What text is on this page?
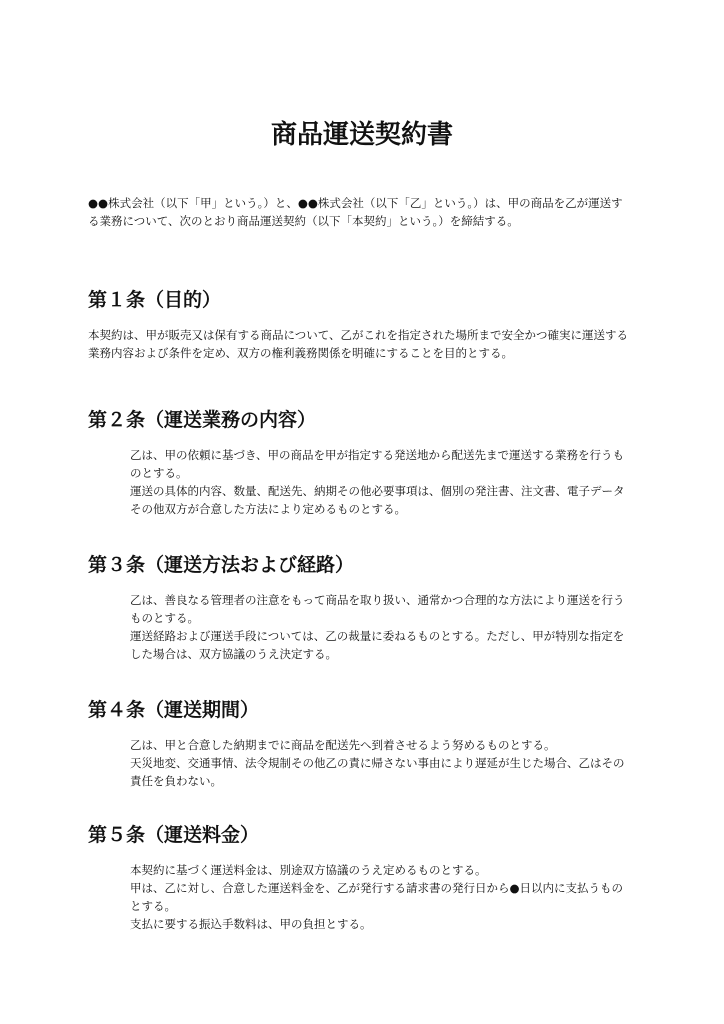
商品運送契約書
●●株式会社（以下「甲」という。）と、●●株式会社（以下「乙」という。）は、甲の商品を乙が運送する業務について、次のとおり商品運送契約（以下「本契約」という。）を締結する。
第１条（目的）

本契約は、甲が販売又は保有する商品について、乙がこれを指定された場所まで安全かつ確実に運送する業務内容および条件を定め、双方の権利義務関係を明確にすることを目的とする。

第２条（運送業務の内容）

乙は、甲の依頼に基づき、甲の商品を甲が指定する発送地から配送先まで運送する業務を行うものとする。

運送の具体的内容、数量、配送先、納期その他必要事項は、個別の発注書、注文書、電子データその他双方が合意した方法により定めるものとする。

第３条（運送方法および経路）

乙は、善良なる管理者の注意をもって商品を取り扱い、通常かつ合理的な方法により運送を行うものとする。

運送経路および運送手段については、乙の裁量に委ねるものとする。ただし、甲が特別な指定をした場合は、双方協議のうえ決定する。

第４条（運送期間）

乙は、甲と合意した納期までに商品を配送先へ到着させるよう努めるものとする。

天災地変、交通事情、法令規制その他乙の責に帰さない事由により遅延が生じた場合、乙はその責任を負わない。

第５条（運送料金）

本契約に基づく運送料金は、別途双方協議のうえ定めるものとする。

甲は、乙に対し、合意した運送料金を、乙が発行する請求書の発行日から●日以内に支払うものとする。

支払に要する振込手数料は、甲の負担とする。
